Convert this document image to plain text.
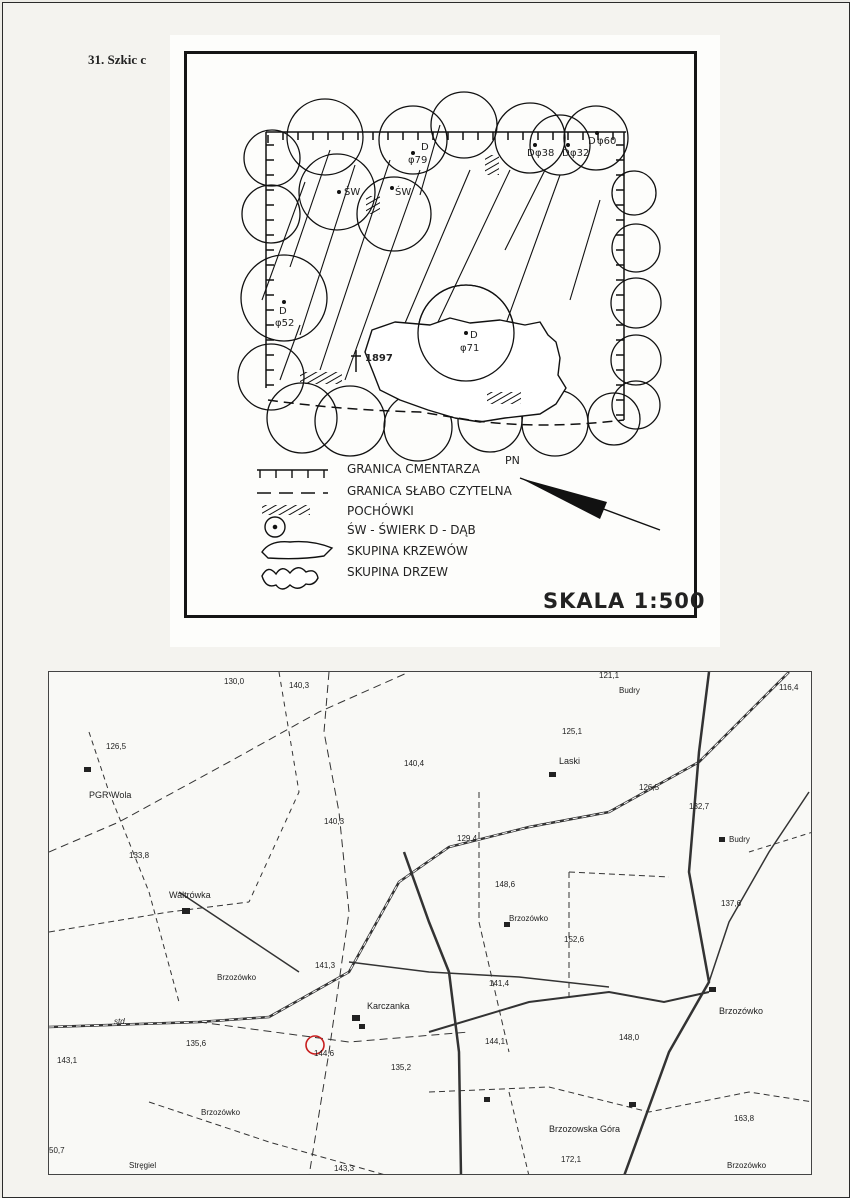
31. Szkic c
D
φ79
ŚW	ŚW
D φ38 D φ32
D φ60
D
φ52
D
φ71
1897
PN
GRANICA CMENTARZA
GRANICA SŁABO CZYTELNA
POCHÓWKI
ŚW - ŚWIERK D - DĄB
SKUPINA KRZEWÓW
SKUPINA DRZEW
SKALA 1:500
PGR Wola
Waltrówka
Laski
Budry
Budry
Karczanka	Brzozówko
Brzozowska Góra
Brzozówko
Brzozówko
Brzozówko
Brzozówko
std.
Stręgiel
130,0	140,3
121,1
116,4
126,5
140,4
125,1
126,5
132,7
140,3
133,8
129,4
148,6
137,6
152,6
141,3
141,4
135,6	144,1	148,0
143,1
144,6
135,2
163,8
50,7
143,3
172,1
